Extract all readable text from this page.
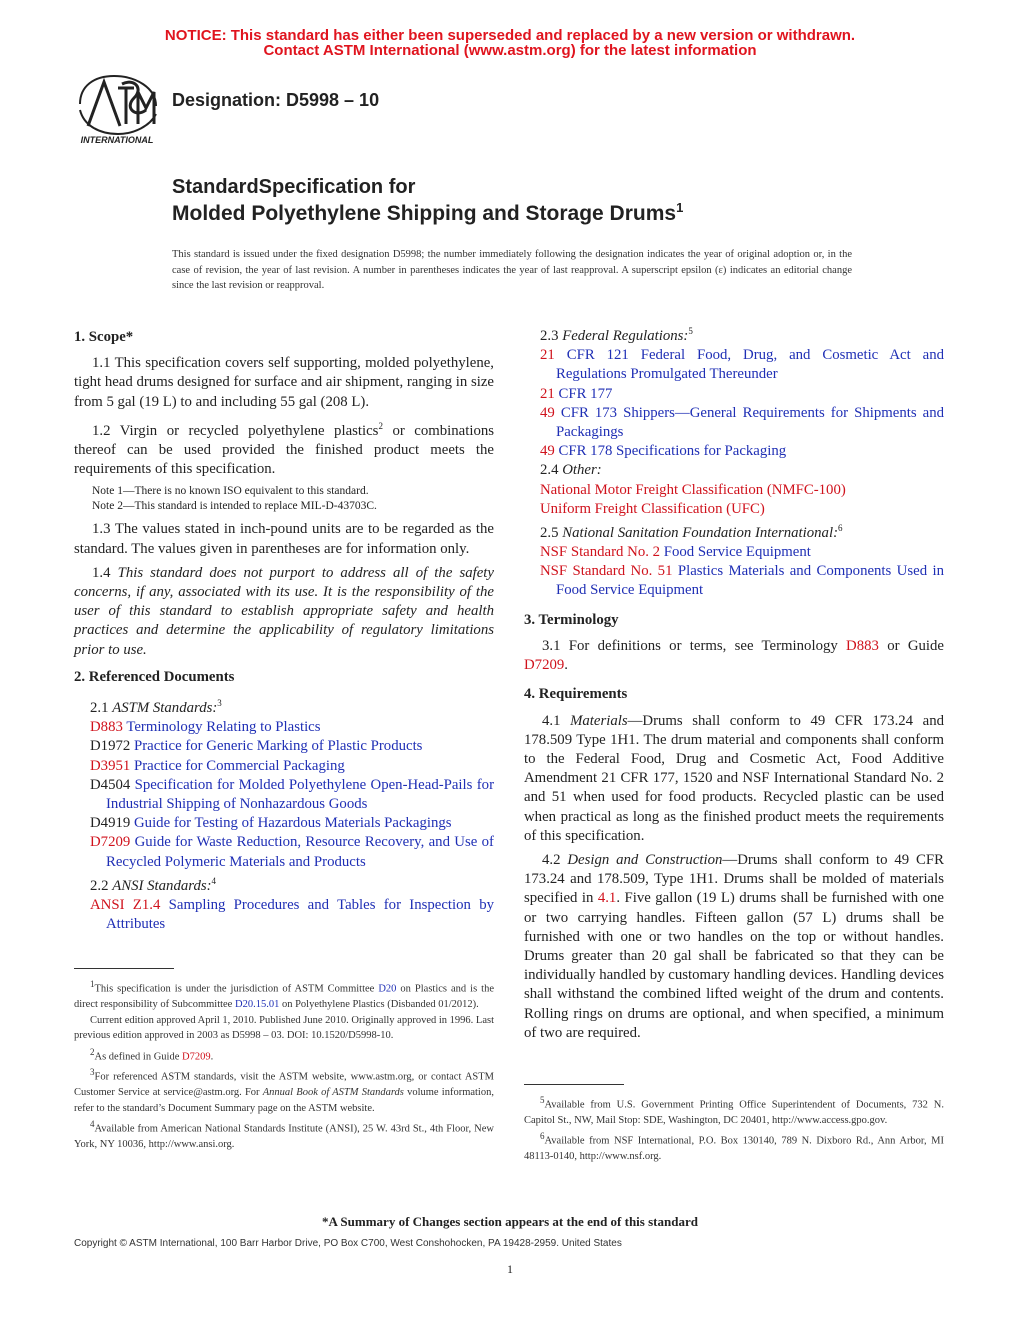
NOTICE: This standard has either been superseded and replaced by a new version or withdrawn.
Contact ASTM International (www.astm.org) for the latest information
INTERNATIONAL
Designation: D5998 – 10
StandardSpecification for
Molded Polyethylene Shipping and Storage Drums$^1$
This standard is issued under the fixed designation D5998; the number immediately following the designation indicates the year of original adoption or, in the case of revision, the year of last revision. A number in parentheses indicates the year of last reapproval. A superscript epsilon (ε) indicates an editorial change since the last revision or reapproval.
1. Scope*

1.1 This specification covers self supporting, molded polyethylene, tight head drums designed for surface and air shipment, ranging in size from 5 gal (19 L) to and including 55 gal (208 L).

1.2 Virgin or recycled polyethylene plastics$^2$ or combinations thereof can be used provided the finished product meets the requirements of this specification.

Note 1—There is no known ISO equivalent to this standard.

Note 2—This standard is intended to replace MIL-D-43703C.

1.3 The values stated in inch-pound units are to be regarded as the standard. The values given in parentheses are for information only.

1.4 This standard does not purport to address all of the safety concerns, if any, associated with its use. It is the responsibility of the user of this standard to establish appropriate safety and health practices and determine the applicability of regulatory limitations prior to use.

2. Referenced Documents
2.1 ASTM Standards:$^3$
D883 Terminology Relating to Plastics
D1972 Practice for Generic Marking of Plastic Products
D3951 Practice for Commercial Packaging
D4504 Specification for Molded Polyethylene Open-Head-Pails for Industrial Shipping of Nonhazardous Goods
D4919 Guide for Testing of Hazardous Materials Packagings
D7209 Guide for Waste Reduction, Resource Recovery, and Use of Recycled Polymeric Materials and Products
2.2 ANSI Standards:$^4$
ANSI Z1.4 Sampling Procedures and Tables for Inspection by Attributes

$^1$This specification is under the jurisdiction of ASTM Committee D20 on Plastics and is the direct responsibility of Subcommittee D20.15.01 on Polyethylene Plastics (Disbanded 01/2012).

Current edition approved April 1, 2010. Published June 2010. Originally approved in 1996. Last previous edition approved in 2003 as D5998 – 03. DOI: 10.1520/D5998-10.

$^2$As defined in Guide D7209.

$^3$For referenced ASTM standards, visit the ASTM website, www.astm.org, or contact ASTM Customer Service at service@astm.org. For Annual Book of ASTM Standards volume information, refer to the standard’s Document Summary page on the ASTM website.

$^4$Available from American National Standards Institute (ANSI), 25 W. 43rd St., 4th Floor, New York, NY 10036, http://www.ansi.org.

2.3 Federal Regulations:$^5$
21 CFR 121 Federal Food, Drug, and Cosmetic Act and Regulations Promulgated Thereunder
21 CFR 177
49 CFR 173 Shippers—General Requirements for Shipments and Packagings
49 CFR 178 Specifications for Packaging
2.4 Other:
National Motor Freight Classification (NMFC-100)
Uniform Freight Classification (UFC)
2.5 National Sanitation Foundation International:$^6$
NSF Standard No. 2 Food Service Equipment
NSF Standard No. 51 Plastics Materials and Components Used in Food Service Equipment
3. Terminology

3.1 For definitions or terms, see Terminology D883 or Guide D7209.

4. Requirements

4.1 Materials—Drums shall conform to 49 CFR 173.24 and 178.509 Type 1H1. The drum material and components shall conform to the Federal Food, Drug and Cosmetic Act, Food Additive Amendment 21 CFR 177, 1520 and NSF International Standard No. 2 and 51 when used for food products. Recycled plastic can be used when practical as long as the finished product meets the requirements of this specification.

4.2 Design and Construction—Drums shall conform to 49 CFR 173.24 and 178.509, Type 1H1. Drums shall be molded of materials specified in 4.1. Five gallon (19 L) drums shall be furnished with one or two carrying handles. Fifteen gallon (57 L) drums shall be furnished with one or two handles on the top or without handles. Drums greater than 20 gal shall be fabricated so that they can be individually handled by customary handling devices. Handling devices shall withstand the combined lifted weight of the drum and contents. Rolling rings on drums are optional, and when specified, a minimum of two are required.

$^5$Available from U.S. Government Printing Office Superintendent of Documents, 732 N. Capitol St., NW, Mail Stop: SDE, Washington, DC 20401, http://www.access.gpo.gov.

$^6$Available from NSF International, P.O. Box 130140, 789 N. Dixboro Rd., Ann Arbor, MI 48113-0140, http://www.nsf.org.

*A Summary of Changes section appears at the end of this standard
Copyright © ASTM International, 100 Barr Harbor Drive, PO Box C700, West Conshohocken, PA 19428-2959. United States
1
